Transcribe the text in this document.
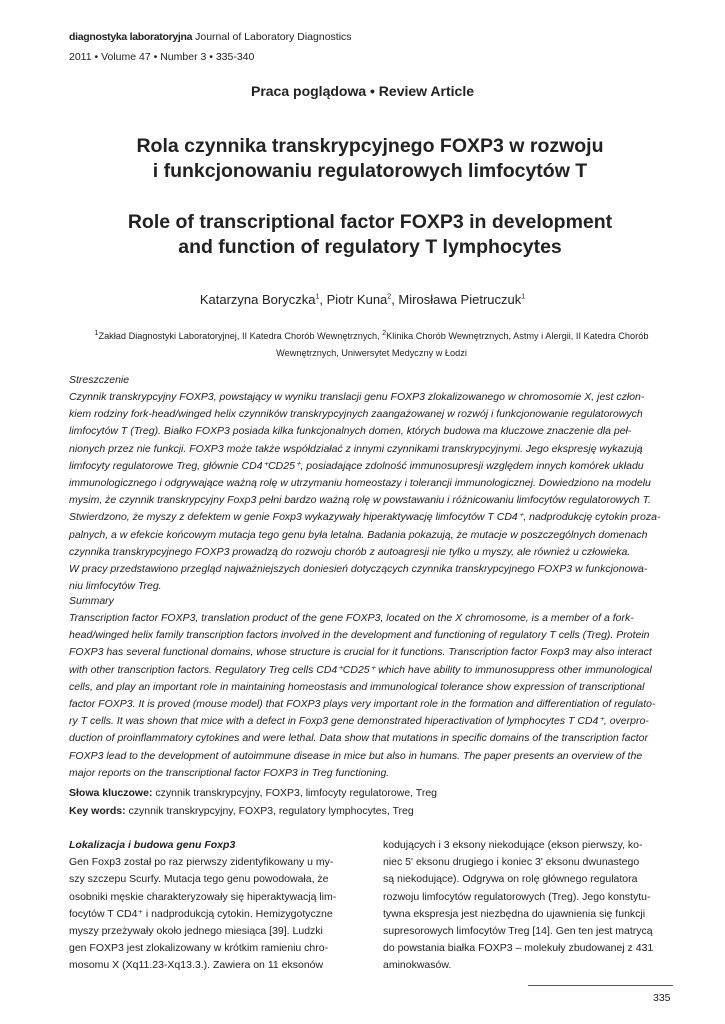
diagnostyka laboratoryjna Journal of Laboratory Diagnostics
2011 • Volume 47 • Number 3 • 335-340
Praca poglądowa • Review Article
Rola czynnika transkrypcyjnego FOXP3 w rozwoju
i funkcjonowaniu regulatorowych limfocytów T
Role of transcriptional factor FOXP3 in development
and function of regulatory T lymphocytes
Katarzyna Boryczka$^1$, Piotr Kuna$^2$, Mirosława Pietruczuk$^1$
$^1$Zakład Diagnostyki Laboratoryjnej, II Katedra Chorób Wewnętrznych, $^2$Klinika Chorób Wewnętrznych, Astmy i Alergii, II Katedra Chorób Wewnętrznych, Uniwersytet Medyczny w Łodzi
Streszczenie
Czynnik transkrypcyjny FOXP3, powstający w wyniku translacji genu FOXP3 zlokalizowanego w chromosomie X, jest człon-
kiem rodziny fork-head/winged helix czynników transkrypcyjnych zaangażowanej w rozwój i funkcjonowanie regulatorowych
limfocytów T (Treg). Białko FOXP3 posiada kilka funkcjonalnych domen, których budowa ma kluczowe znaczenie dla peł-
nionych przez nie funkcji. FOXP3 może także współdziałać z innymi czynnikami transkrypcyjnymi. Jego ekspresję wykazują
limfocyty regulatorowe Treg, głównie CD4⁺CD25⁺, posiadające zdolność immunosupresji względem innych komórek układu
immunologicznego i odgrywające ważną rolę w utrzymaniu homeostazy i tolerancji immunologicznej. Dowiedziono na modelu
mysim, że czynnik transkrypcyjny Foxp3 pełni bardzo ważną rolę w powstawaniu i różnicowaniu limfocytów regulatorowych T.
Stwierdzono, że myszy z defektem w genie Foxp3 wykazywały hiperaktywację limfocytów T CD4⁺, nadprodukcję cytokin proza-
palnych, a w efekcie końcowym mutacja tego genu była letalna. Badania pokazują, że mutacje w poszczególnych domenach
czynnika transkrypcyjnego FOXP3 prowadzą do rozwoju chorób z autoagresji nie tylko u myszy, ale również u człowieka.
W pracy przedstawiono przegląd najważniejszych doniesień dotyczących czynnika transkrypcyjnego FOXP3 w funkcjonowa-
niu limfocytów Treg.
Summary
Transcription factor FOXP3, translation product of the gene FOXP3, located on the X chromosome, is a member of a fork-
head/winged helix family transcription factors involved in the development and functioning of regulatory T cells (Treg). Protein
FOXP3 has several functional domains, whose structure is crucial for it functions. Transcription factor Foxp3 may also interact
with other transcription factors. Regulatory Treg cells CD4⁺CD25⁺ which have ability to immunosuppress other immunological
cells, and play an important role in maintaining homeostasis and immunological tolerance show expression of transcriptional
factor FOXP3. It is proved (mouse model) that FOXP3 plays very important role in the formation and differentiation of regulato-
ry T cells. It was shown that mice with a defect in Foxp3 gene demonstrated hiperactivation of lymphocytes T CD4⁺, overpro-
duction of proinflammatory cytokines and were lethal. Data show that mutations in specific domains of the transcription factor
FOXP3 lead to the development of autoimmune disease in mice but also in humans. The paper presents an overview of the
major reports on the transcriptional factor FOXP3 in Treg functioning.
Słowa kluczowe: czynnik transkrypcyjny, FOXP3, limfocyty regulatorowe, Treg
Key words: czynnik transkrypcyjny, FOXP3, regulatory lymphocytes, Treg
Lokalizacja i budowa genu Foxp3
Gen Foxp3 został po raz pierwszy zidentyfikowany u my-
szy szczepu Scurfy. Mutacja tego genu powodowała, że
osobniki męskie charakteryzowały się hiperaktywacją lim-
focytów T CD4⁺ i nadprodukcją cytokin. Hemizygotyczne
myszy przeżywały około jednego miesiąca [39]. Ludzki
gen FOXP3 jest zlokalizowany w krótkim ramieniu chro-
mosomu X (Xq11.23-Xq13.3.). Zawiera on 11 eksonów
kodujących i 3 eksony niekodujące (ekson pierwszy, ko-
niec 5' eksonu drugiego i koniec 3' eksonu dwunastego
są niekodujące). Odgrywa on rolę głównego regulatora
rozwoju limfocytów regulatorowych (Treg). Jego konstytu-
tywna ekspresja jest niezbędna do ujawnienia się funkcji
supresorowych limfocytów Treg [14]. Gen ten jest matrycą
do powstania białka FOXP3 – molekuły zbudowanej z 431
aminokwasów.
335
